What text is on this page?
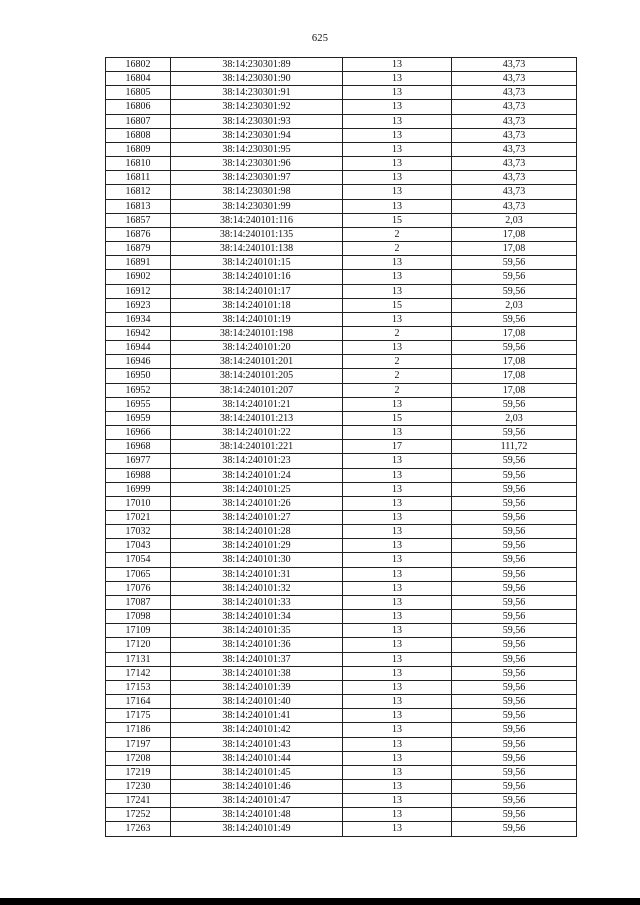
625
16802	38:14:230301:89	13	43,73
16804	38:14:230301:90	13	43,73
16805	38:14:230301:91	13	43,73
16806	38:14:230301:92	13	43,73
16807	38:14:230301:93	13	43,73
16808	38:14:230301:94	13	43,73
16809	38:14:230301:95	13	43,73
16810	38:14:230301:96	13	43,73
16811	38:14:230301:97	13	43,73
16812	38:14:230301:98	13	43,73
16813	38:14:230301:99	13	43,73
16857	38:14:240101:116	15	2,03
16876	38:14:240101:135	2	17,08
16879	38:14:240101:138	2	17,08
16891	38:14:240101:15	13	59,56
16902	38:14:240101:16	13	59,56
16912	38:14:240101:17	13	59,56
16923	38:14:240101:18	15	2,03
16934	38:14:240101:19	13	59,56
16942	38:14:240101:198	2	17,08
16944	38:14:240101:20	13	59,56
16946	38:14:240101:201	2	17,08
16950	38:14:240101:205	2	17,08
16952	38:14:240101:207	2	17,08
16955	38:14:240101:21	13	59,56
16959	38:14:240101:213	15	2,03
16966	38:14:240101:22	13	59,56
16968	38:14:240101:221	17	111,72
16977	38:14:240101:23	13	59,56
16988	38:14:240101:24	13	59,56
16999	38:14:240101:25	13	59,56
17010	38:14:240101:26	13	59,56
17021	38:14:240101:27	13	59,56
17032	38:14:240101:28	13	59,56
17043	38:14:240101:29	13	59,56
17054	38:14:240101:30	13	59,56
17065	38:14:240101:31	13	59,56
17076	38:14:240101:32	13	59,56
17087	38:14:240101:33	13	59,56
17098	38:14:240101:34	13	59,56
17109	38:14:240101:35	13	59,56
17120	38:14:240101:36	13	59,56
17131	38:14:240101:37	13	59,56
17142	38:14:240101:38	13	59,56
17153	38:14:240101:39	13	59,56
17164	38:14:240101:40	13	59,56
17175	38:14:240101:41	13	59,56
17186	38:14:240101:42	13	59,56
17197	38:14:240101:43	13	59,56
17208	38:14:240101:44	13	59,56
17219	38:14:240101:45	13	59,56
17230	38:14:240101:46	13	59,56
17241	38:14:240101:47	13	59,56
17252	38:14:240101:48	13	59,56
17263	38:14:240101:49	13	59,56
